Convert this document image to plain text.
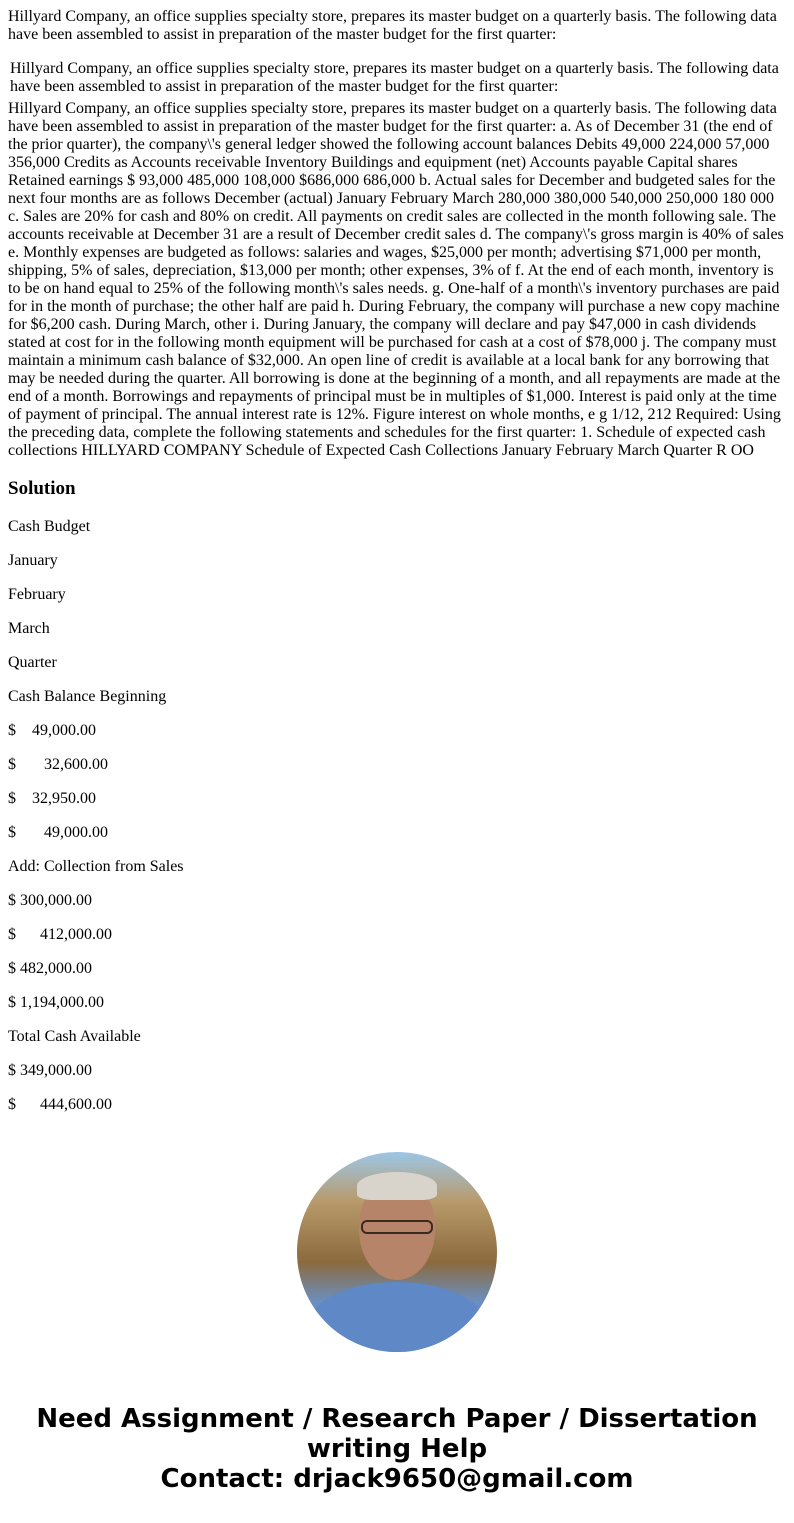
Hillyard Company, an office supplies specialty store, prepares its master budget on a quarterly basis. The following data have been assembled to assist in preparation of the master budget for the first quarter:

Hillyard Company, an office supplies specialty store, prepares its master budget on a quarterly basis. The following data have been assembled to assist in preparation of the master budget for the first quarter:

Hillyard Company, an office supplies specialty store, prepares its master budget on a quarterly basis. The following data have been assembled to assist in preparation of the master budget for the first quarter: a. As of December 31 (the end of the prior quarter), the company\'s general ledger showed the following account balances Debits 49,000 224,000 57,000 356,000 Credits as Accounts receivable Inventory Buildings and equipment (net) Accounts payable Capital shares Retained earnings $ 93,000 485,000 108,000 $686,000 686,000 b. Actual sales for December and budgeted sales for the next four months are as follows December (actual) January February March 280,000 380,000 540,000 250,000 180 000 c. Sales are 20% for cash and 80% on credit. All payments on credit sales are collected in the month following sale. The accounts receivable at December 31 are a result of December credit sales d. The company\'s gross margin is 40% of sales e. Monthly expenses are budgeted as follows: salaries and wages, $25,000 per month; advertising $71,000 per month, shipping, 5% of sales, depreciation, $13,000 per month; other expenses, 3% of f. At the end of each month, inventory is to be on hand equal to 25% of the following month\'s sales needs. g. One-half of a month\'s inventory purchases are paid for in the month of purchase; the other half are paid h. During February, the company will purchase a new copy machine for $6,200 cash. During March, other i. During January, the company will declare and pay $47,000 in cash dividends stated at cost for in the following month equipment will be purchased for cash at a cost of $78,000 j. The company must maintain a minimum cash balance of $32,000. An open line of credit is available at a local bank for any borrowing that may be needed during the quarter. All borrowing is done at the beginning of a month, and all repayments are made at the end of a month. Borrowings and repayments of principal must be in multiples of $1,000. Interest is paid only at the time of payment of principal. The annual interest rate is 12%. Figure interest on whole months, e g 1/12, 212 Required: Using the preceding data, complete the following statements and schedules for the first quarter: 1. Schedule of expected cash collections HILLYARD COMPANY Schedule of Expected Cash Collections January February March Quarter R OO

Solution

Cash Budget

January

February

March

Quarter

Cash Balance Beginning

$    49,000.00

$       32,600.00

$    32,950.00

$       49,000.00

Add: Collection from Sales

$ 300,000.00

$      412,000.00

$ 482,000.00

$ 1,194,000.00

Total Cash Available

$ 349,000.00

$      444,600.00

Need Assignment / Research Paper / Dissertation writing Help
Contact: drjack9650@gmail.com
